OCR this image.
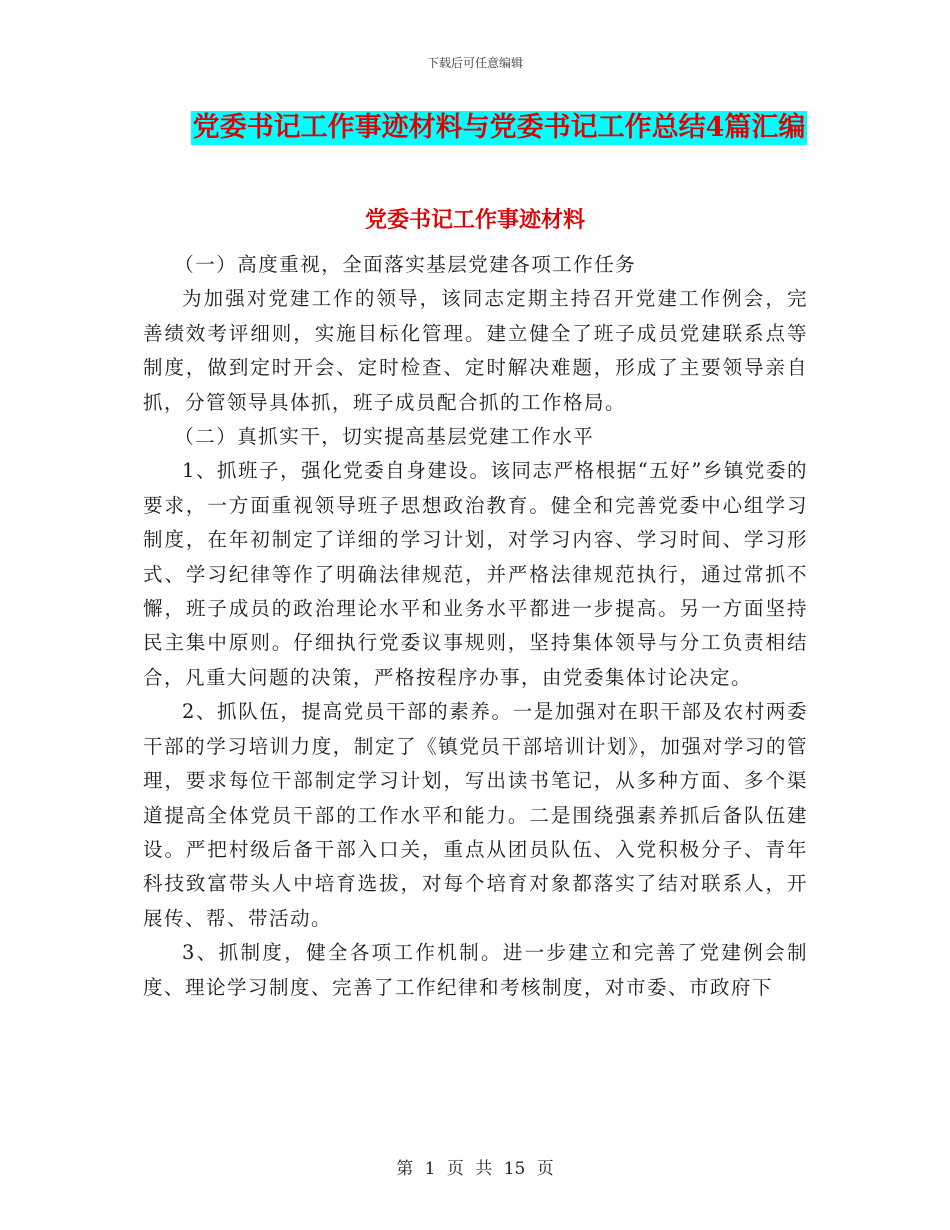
下载后可任意编辑
党委书记工作事迹材料与党委书记工作总结4篇汇编
党委书记工作事迹材料

（一）高度重视，全面落实基层党建各项工作任务

为加强对党建工作的领导，该同志定期主持召开党建工作例会，完善绩效考评细则，实施目标化管理。建立健全了班子成员党建联系点等制度，做到定时开会、定时检查、定时解决难题，形成了主要领导亲自抓，分管领导具体抓，班子成员配合抓的工作格局。

（二）真抓实干，切实提高基层党建工作水平

1、抓班子，强化党委自身建设。该同志严格根据“五好”乡镇党委的要求，一方面重视领导班子思想政治教育。健全和完善党委中心组学习制度，在年初制定了详细的学习计划，对学习内容、学习时间、学习形式、学习纪律等作了明确法律规范，并严格法律规范执行，通过常抓不懈，班子成员的政治理论水平和业务水平都进一步提高。另一方面坚持民主集中原则。仔细执行党委议事规则，坚持集体领导与分工负责相结合，凡重大问题的决策，严格按程序办事，由党委集体讨论决定。

2、抓队伍，提高党员干部的素养。一是加强对在职干部及农村两委干部的学习培训力度，制定了《镇党员干部培训计划》，加强对学习的管理，要求每位干部制定学习计划，写出读书笔记，从多种方面、多个渠道提高全体党员干部的工作水平和能力。二是围绕强素养抓后备队伍建设。严把村级后备干部入口关，重点从团员队伍、入党积极分子、青年科技致富带头人中培育选拔，对每个培育对象都落实了结对联系人，开展传、帮、带活动。

3、抓制度，健全各项工作机制。进一步建立和完善了党建例会制度、理论学习制度、完善了工作纪律和考核制度，对市委、市政府下

第 1 页 共 15 页
